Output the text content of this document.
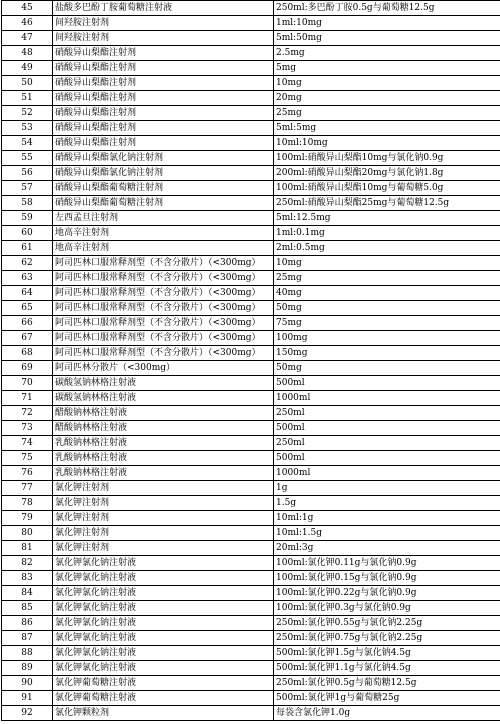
45	盐酸多巴酚丁胺葡萄糖注射液	250ml:多巴酚丁胺0.5g与葡萄糖12.5g
46	间羟胺注射剂	1ml:10mg
47	间羟胺注射剂	5ml:50mg
48	硝酸异山梨酯注射剂	2.5mg
49	硝酸异山梨酯注射剂	5mg
50	硝酸异山梨酯注射剂	10mg
51	硝酸异山梨酯注射剂	20mg
52	硝酸异山梨酯注射剂	25mg
53	硝酸异山梨酯注射剂	5ml:5mg
54	硝酸异山梨酯注射剂	10ml:10mg
55	硝酸异山梨酯氯化钠注射剂	100ml:硝酸异山梨酯10mg与氯化钠0.9g
56	硝酸异山梨酯氯化钠注射剂	200ml:硝酸异山梨酯20mg与氯化钠1.8g
57	硝酸异山梨酯葡萄糖注射剂	100ml:硝酸异山梨酯10mg与葡萄糖5.0g
58	硝酸异山梨酯葡萄糖注射剂	250ml:硝酸异山梨酯25mg与葡萄糖12.5g
59	左西孟旦注射剂	5ml:12.5mg
60	地高辛注射剂	1ml:0.1mg
61	地高辛注射剂	2ml:0.5mg
62	阿司匹林口服常释剂型（不含分散片）（<300mg）	10mg
63	阿司匹林口服常释剂型（不含分散片）（<300mg）	25mg
64	阿司匹林口服常释剂型（不含分散片）（<300mg）	40mg
65	阿司匹林口服常释剂型（不含分散片）（<300mg）	50mg
66	阿司匹林口服常释剂型（不含分散片）（<300mg）	75mg
67	阿司匹林口服常释剂型（不含分散片）（<300mg）	100mg
68	阿司匹林口服常释剂型（不含分散片）（<300mg）	150mg
69	阿司匹林分散片（<300mg）	50mg
70	碳酸氢钠林格注射液	500ml
71	碳酸氢钠林格注射液	1000ml
72	醋酸钠林格注射液	250ml
73	醋酸钠林格注射液	500ml
74	乳酸钠林格注射液	250ml
75	乳酸钠林格注射液	500ml
76	乳酸钠林格注射液	1000ml
77	氯化钾注射剂	1g
78	氯化钾注射剂	1.5g
79	氯化钾注射剂	10ml:1g
80	氯化钾注射剂	10ml:1.5g
81	氯化钾注射剂	20ml:3g
82	氯化钾氯化钠注射液	100ml:氯化钾0.11g与氯化钠0.9g
83	氯化钾氯化钠注射液	100ml:氯化钾0.15g与氯化钠0.9g
84	氯化钾氯化钠注射液	100ml:氯化钾0.22g与氯化钠0.9g
85	氯化钾氯化钠注射液	100ml:氯化钾0.3g与氯化钠0.9g
86	氯化钾氯化钠注射液	250ml:氯化钾0.55g与氯化钠2.25g
87	氯化钾氯化钠注射液	250ml:氯化钾0.75g与氯化钠2.25g
88	氯化钾氯化钠注射液	500ml:氯化钾1.5g与氯化钠4.5g
89	氯化钾氯化钠注射液	500ml:氯化钾1.1g与氯化钠4.5g
90	氯化钾葡萄糖注射液	250ml:氯化钾0.5g与葡萄糖12.5g
91	氯化钾葡萄糖注射液	500ml:氯化钾1g与葡萄糖25g
92	氯化钾颗粒剂	每袋含氯化钾1.0g
